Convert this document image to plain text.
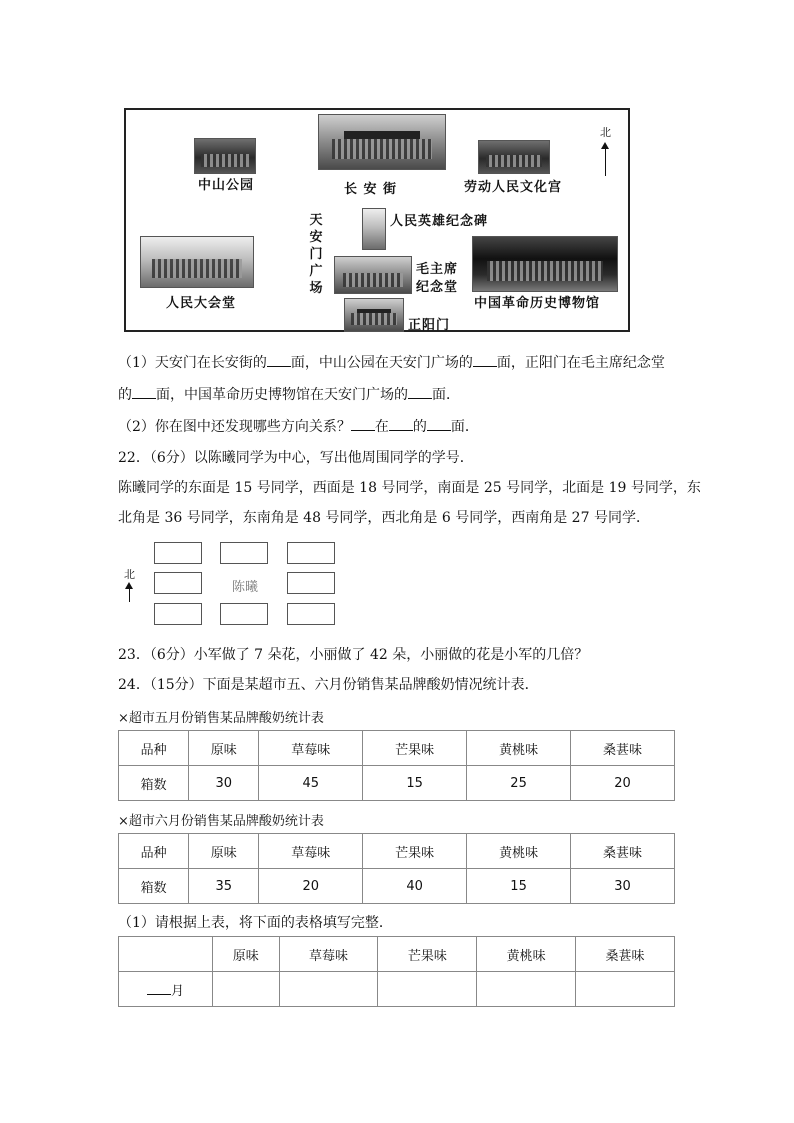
中山公园	长 安 街	劳动人民文化宫
北
天
安
门
广
场
人民英雄纪念碑
人民大会堂
毛主席
纪念堂
中国革命历史博物馆
正阳门
（1）天安门在长安街的 面，中山公园在天安门广场的 面，正阳门在毛主席纪念堂
的 面，中国革命历史博物馆在天安门广场的 面．
（2）你在图中还发现哪些方向关系？ 在 的 面．
22．（6分）以陈曦同学为中心，写出他周围同学的学号．
陈曦同学的东面是 15 号同学，西面是 18 号同学，南面是 25 号同学，北面是 19 号同学，东
北角是 36 号同学，东南角是 48 号同学，西北角是 6 号同学，西南角是 27 号同学．
北
陈曦
23．（6分）小军做了 7 朵花，小丽做了 42 朵，小丽做的花是小军的几倍？
24．（15分）下面是某超市五、六月份销售某品牌酸奶情况统计表．
×超市五月份销售某品牌酸奶统计表
品种	原味	草莓味	芒果味	黄桃味	桑葚味
箱数	30	45	15	25	20
×超市六月份销售某品牌酸奶统计表
品种	原味	草莓味	芒果味	黄桃味	桑葚味
箱数	35	20	40	15	30
（1）请根据上表，将下面的表格填写完整．
	原味	草莓味	芒果味	黄桃味	桑葚味
月					
